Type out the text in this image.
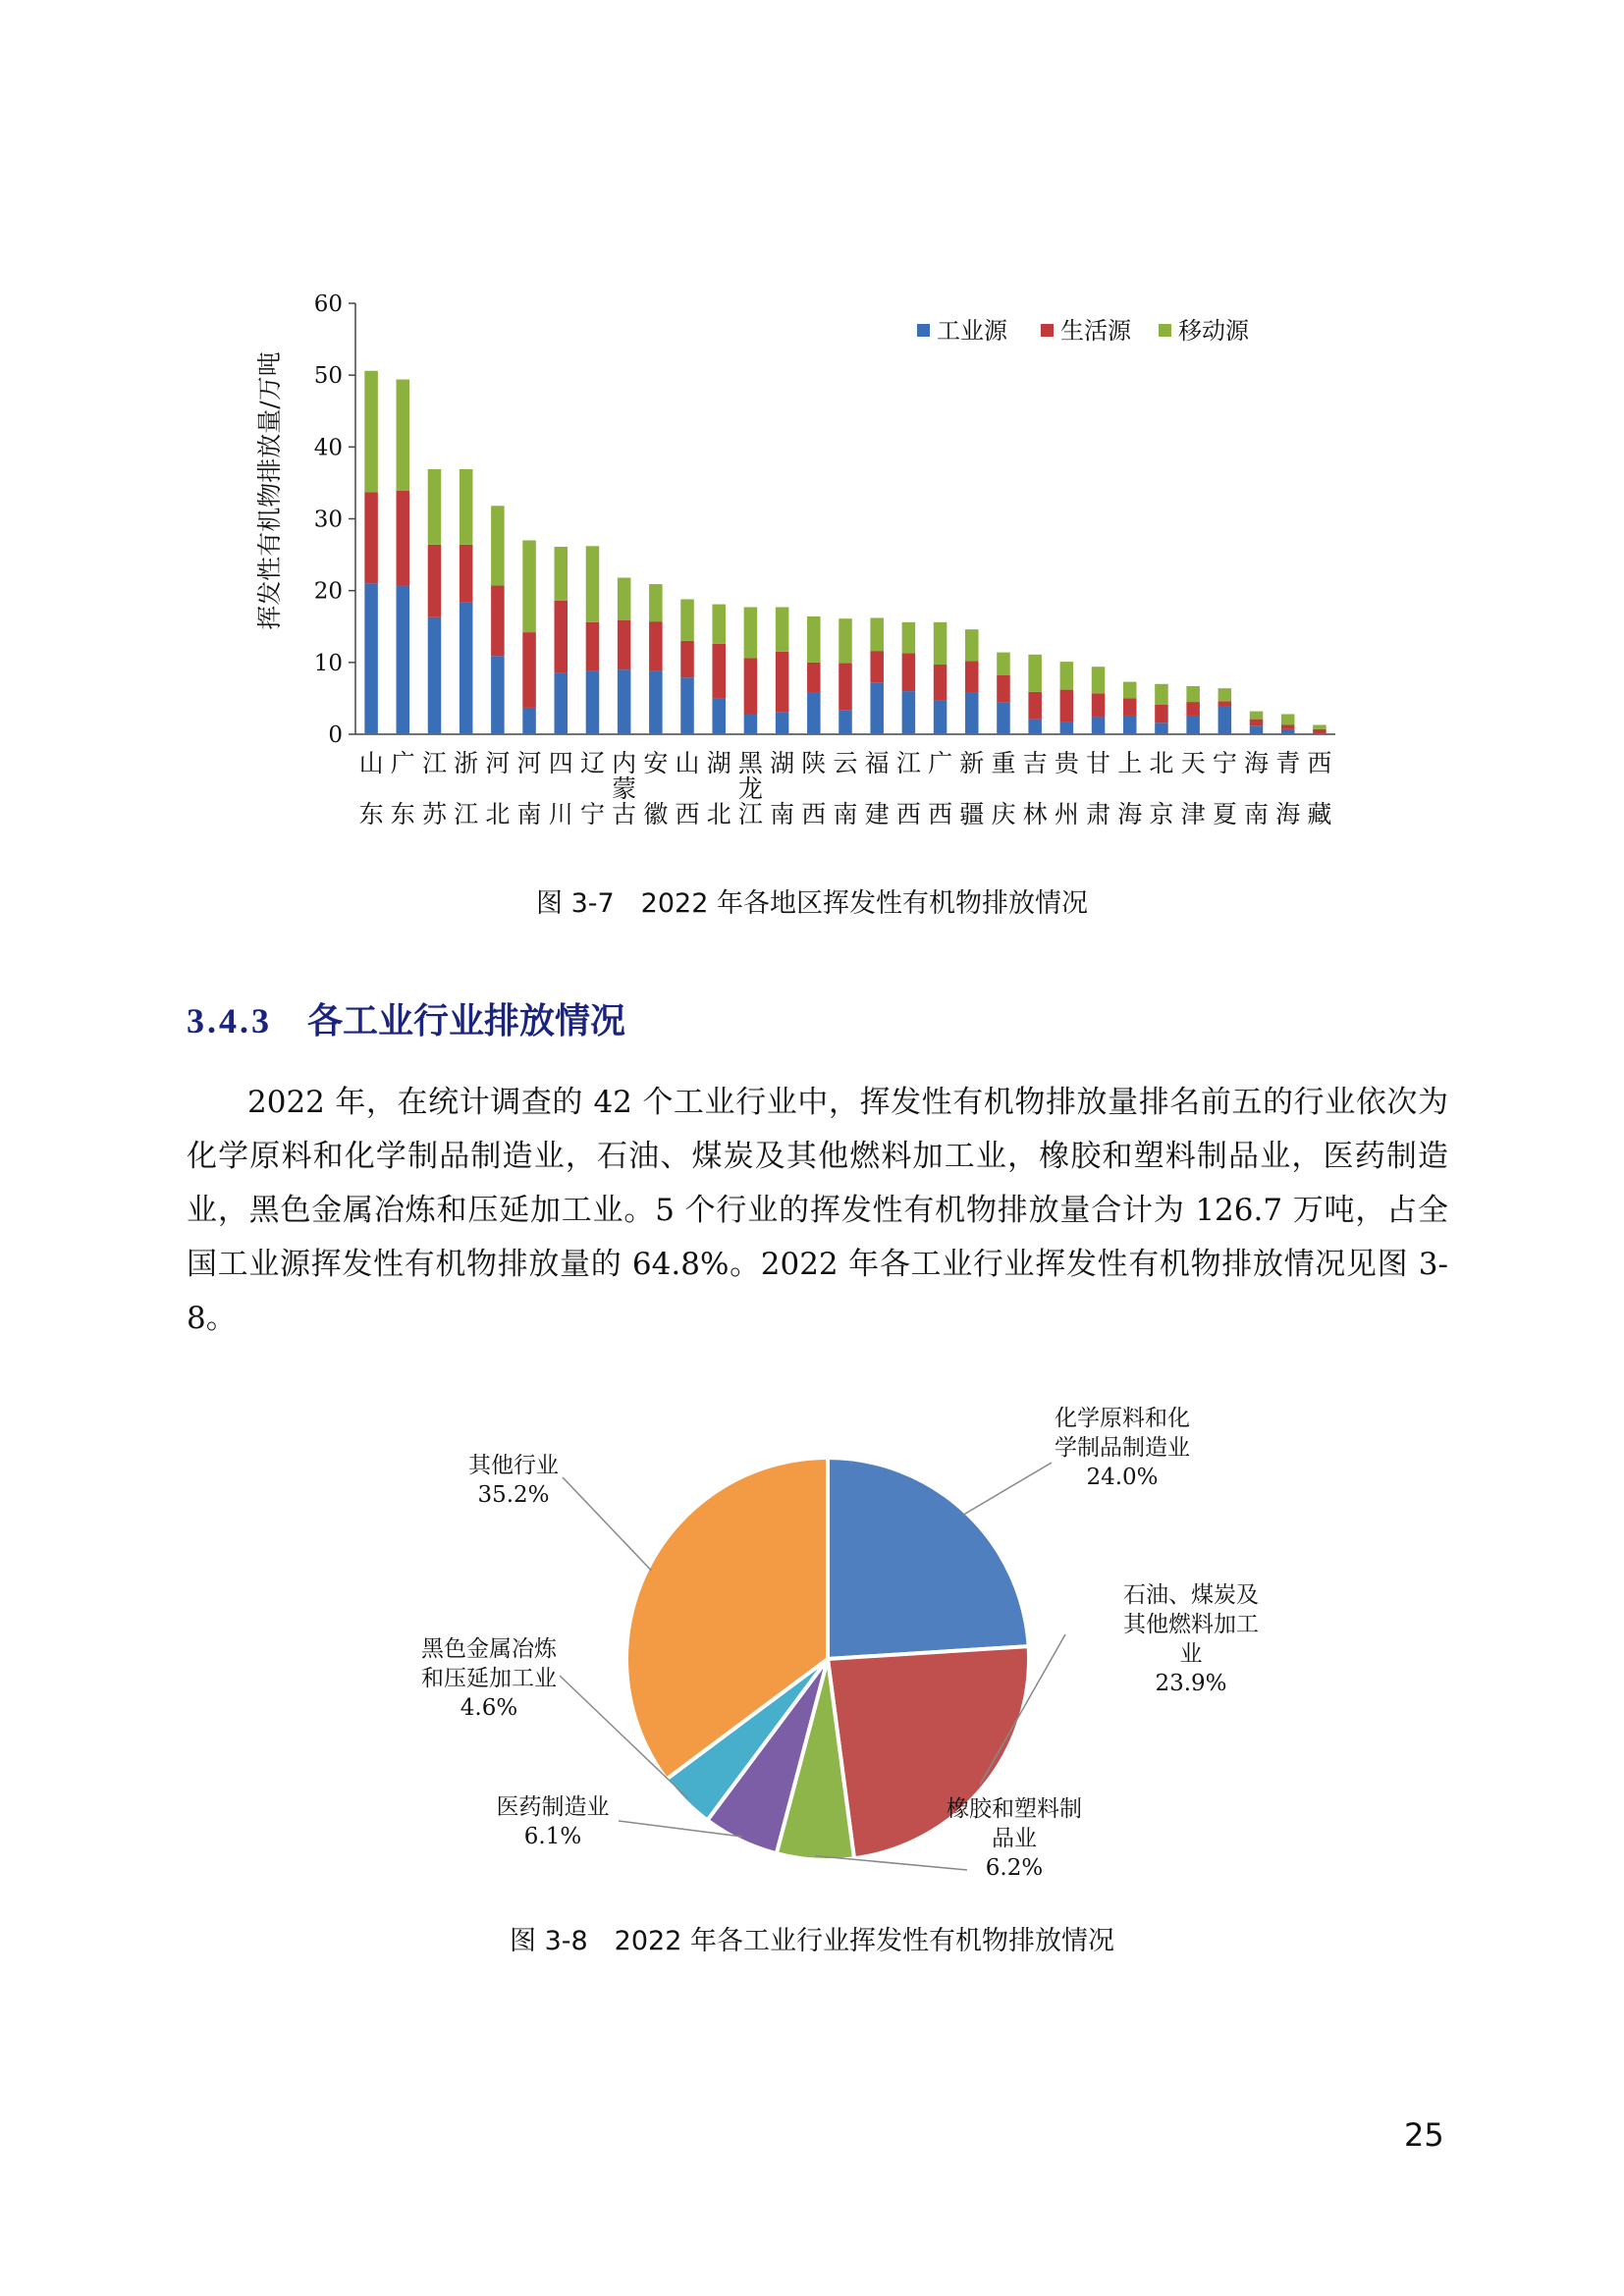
0
10
20
30
40
50
60
山
东
广
东
江
苏
浙
江
河
北
河
南
四
川
辽
宁
内
蒙
古
安
徽
山
西
湖
北
黑
龙
江
湖
南
陕
西
云
南
福
建
江
西
广
西
新
疆
重
庆
吉
林
贵
州
甘
肃
上
海
北
京
天
津
宁
夏
海
南
青
海
西
藏
工业源 生活源 移动源
挥发性有机物排放量/万吨
图 3-7　2022 年各地区挥发性有机物排放情况
3.4.3 各工业行业排放情况
2022 年，在统计调查的 42 个工业行业中，挥发性有机物排放量排名前五的行业依次为化学原料和化学制品制造业，石油、煤炭及其他燃料加工业，橡胶和塑料制品业，医药制造业，黑色金属冶炼和压延加工业。5 个行业的挥发性有机物排放量合计为 126.7 万吨，占全国工业源挥发性有机物排放量的 64.8%。2022 年各工业行业挥发性有机物排放情况见图 3-8。
化学原料和化
学制品制造业
24.0%
石油、煤炭及
其他燃料加工
业
23.9%
橡胶和塑料制
品业
6.2%
医药制造业
6.1%
黑色金属冶炼
和压延加工业
4.6%
其他行业
35.2%
图 3-8　2022 年各工业行业挥发性有机物排放情况
25
